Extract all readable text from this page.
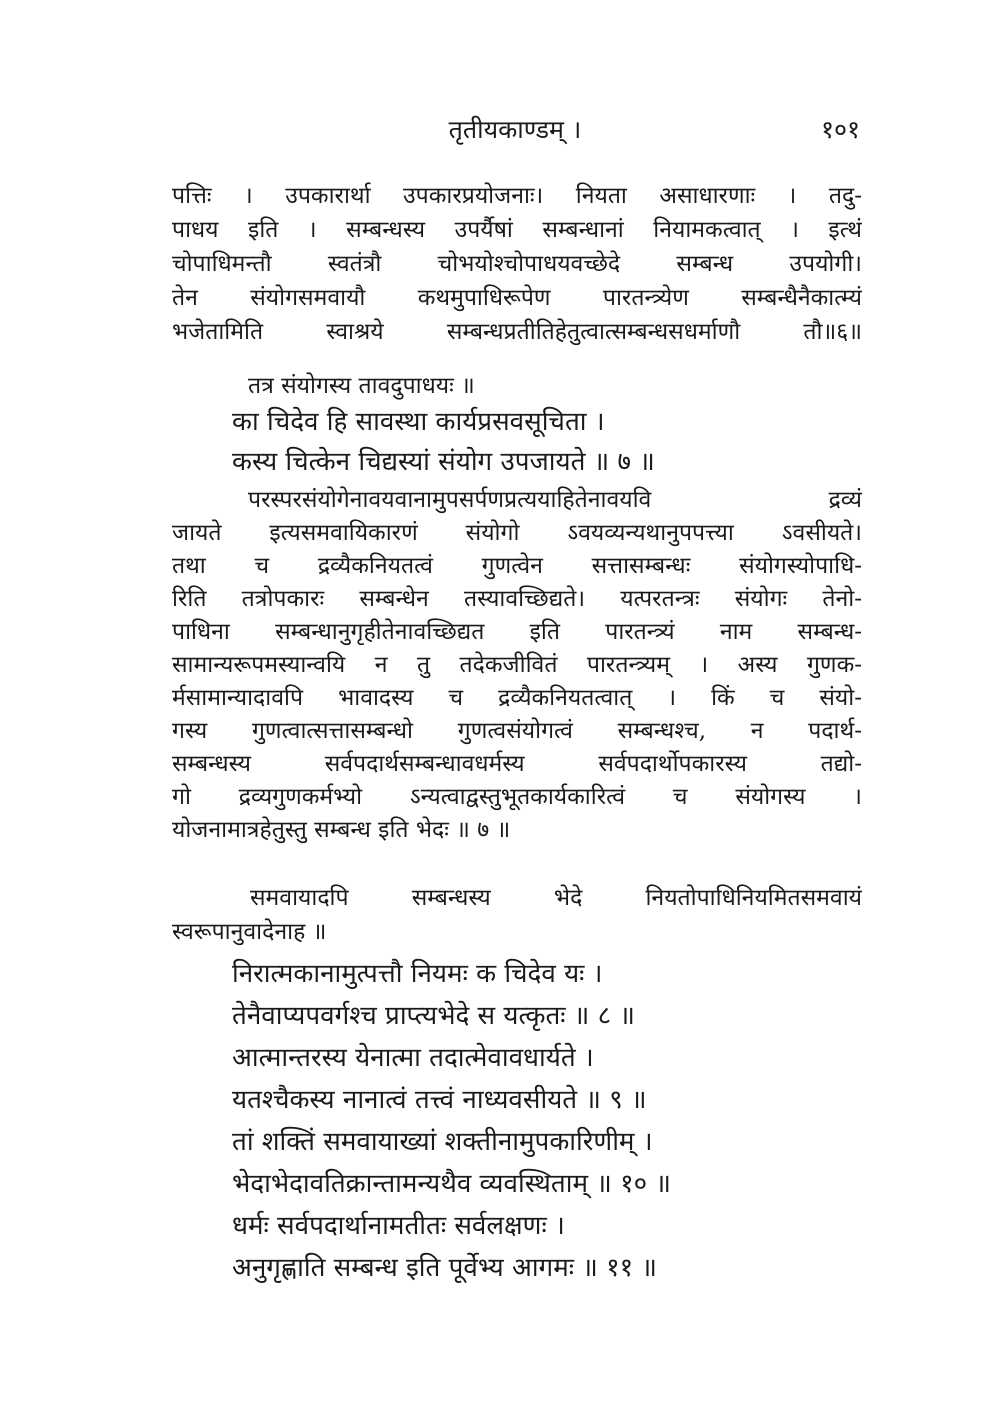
तृतीयकाण्डम् ।	१०१
पत्तिः । उपकारार्था उपकारप्रयोजनाः। नियता असाधारणाः । तदु-
पाधय इति । सम्बन्धस्य उपर्यैषां सम्बन्धानां नियामकत्वात् । इत्थं
चोपाधिमन्तौ स्वतंत्रौ चोभयोश्चोपाधयवच्छेदे सम्बन्ध उपयोगी।
तेन संयोगसमवायौ कथमुपाधिरूपेण पारतन्त्र्येण सम्बन्धैनैकात्म्यं
भजेतामिति स्वाश्रये सम्बन्धप्रतीतिहेतुत्वात्सम्बन्धसधर्माणौ तौ॥६॥
तत्र संयोगस्य तावदुपाधयः ॥
का चिदेव हि सावस्था कार्यप्रसवसूचिता ।
कस्य चित्केन चिद्यस्यां संयोग उपजायते ॥ ७ ॥
परस्परसंयोगेनावयवानामुपसर्पणप्रत्ययाहितेनावयवि द्रव्यं
जायते इत्यसमवायिकारणं संयोगो ऽवयव्यन्यथानुपपत्त्या ऽवसीयते।
तथा च द्रव्यैकनियतत्वं गुणत्वेन सत्तासम्बन्धः संयोगस्योपाधि-
रिति तत्रोपकारः सम्बन्धेन तस्यावच्छिद्यते। यत्परतन्त्रः संयोगः तेनो-
पाधिना सम्बन्धानुगृहीतेनावच्छिद्यत इति पारतन्त्र्यं नाम सम्बन्ध-
सामान्यरूपमस्यान्वयि न तु तदेकजीवितं पारतन्त्र्यम् । अस्य गुणक-
र्मसामान्यादावपि भावादस्य च द्रव्यैकनियतत्वात् । किं च संयो-
गस्य गुणत्वात्सत्तासम्बन्धो गुणत्वसंयोगत्वं सम्बन्धश्च, न पदार्थ-
सम्बन्धस्य सर्वपदार्थसम्बन्धावधर्मस्य सर्वपदार्थोपकारस्य तद्यो-
गो द्रव्यगुणकर्मभ्यो ऽन्यत्वाद्वस्तुभूतकार्यकारित्वं च संयोगस्य ।
योजनामात्रहेतुस्तु सम्बन्ध इति भेदः ॥ ७ ॥
समवायादपि सम्बन्धस्य भेदे नियतोपाधिनियमितसमवायं
स्वरूपानुवादेनाह ॥
निरात्मकानामुत्पत्तौ नियमः क चिदेव यः ।
तेनैवाप्यपवर्गश्च प्राप्त्यभेदे स यत्कृतः ॥ ८ ॥
आत्मान्तरस्य येनात्मा तदात्मेवावधार्यते ।
यतश्चैकस्य नानात्वं तत्त्वं नाध्यवसीयते ॥ ९ ॥
तां शक्तिं समवायाख्यां शक्तीनामुपकारिणीम् ।
भेदाभेदावतिक्रान्तामन्यथैव व्यवस्थिताम् ॥ १० ॥
धर्मः सर्वपदार्थानामतीतः सर्वलक्षणः ।
अनुगृह्णाति सम्बन्ध इति पूर्वेभ्य आगमः ॥ ११ ॥
